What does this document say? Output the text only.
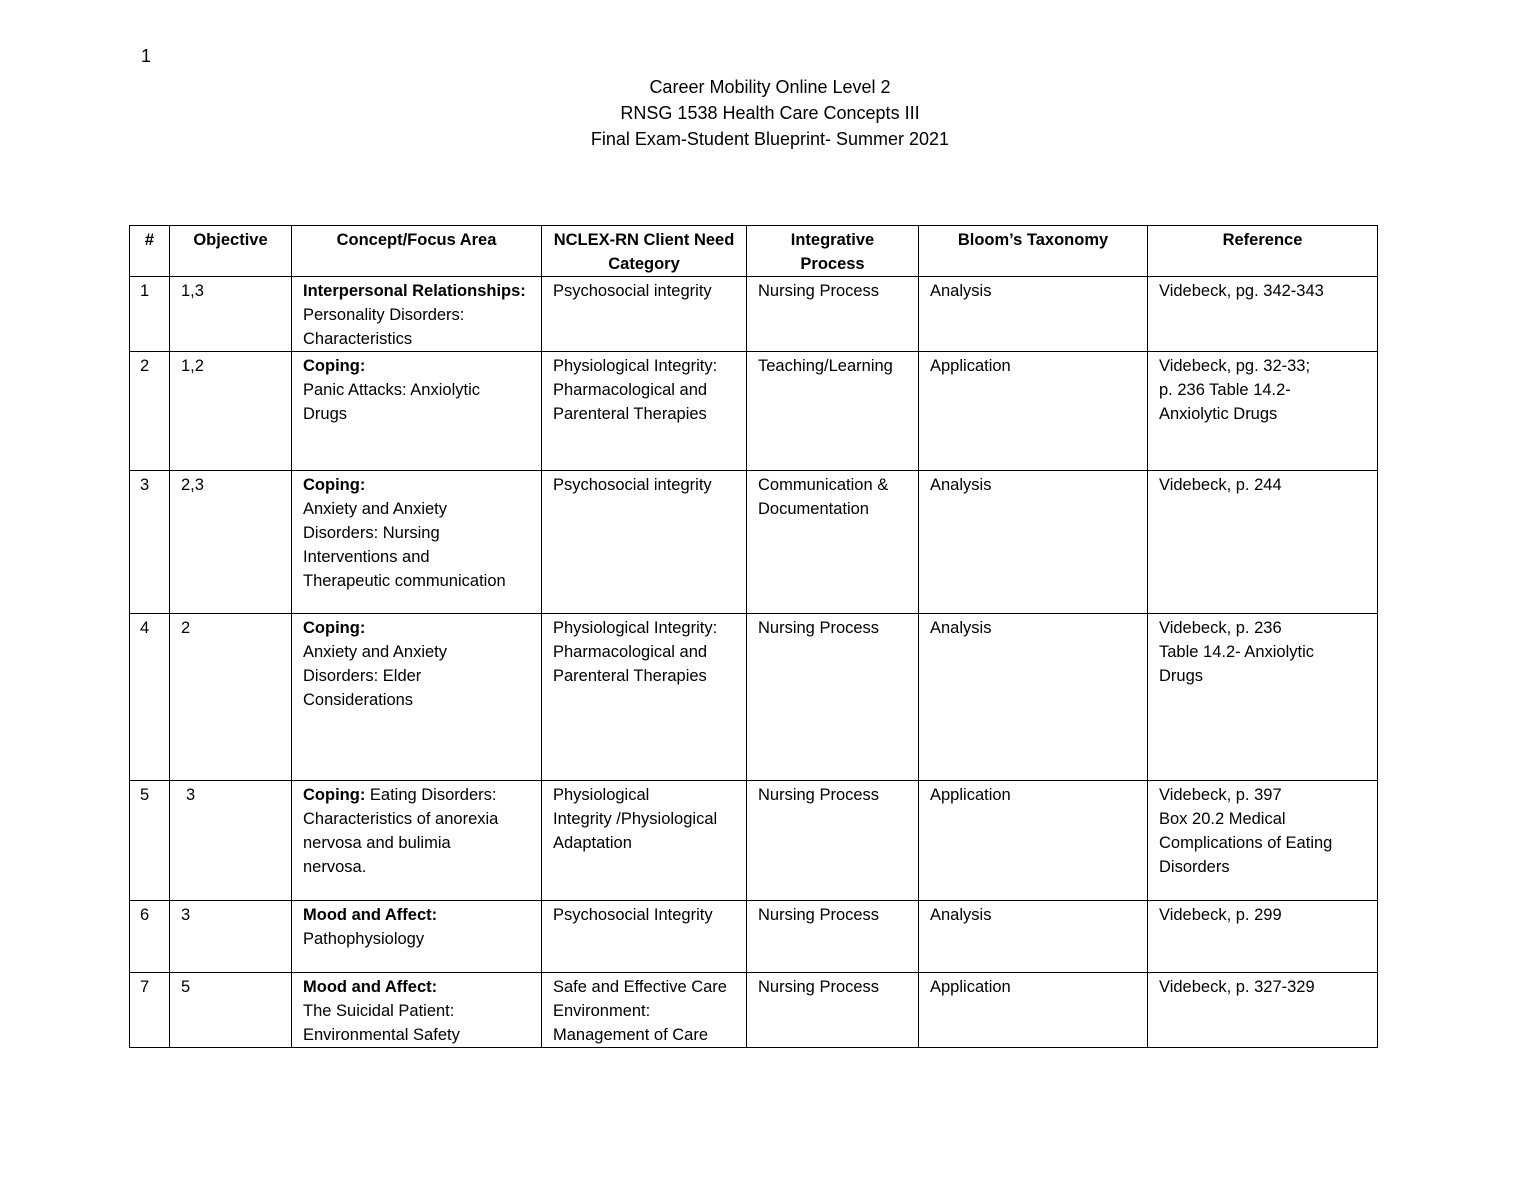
1
Career Mobility Online Level 2
RNSG 1538 Health Care Concepts III
Final Exam-Student Blueprint- Summer 2021
#	Objective	Concept/Focus Area	NCLEX-RN Client Need
Category	Integrative
Process	Bloom’s Taxonomy	Reference
1	1,3	Interpersonal Relationships:
Personality Disorders:
Characteristics	Psychosocial integrity	Nursing Process	Analysis	Videbeck, pg. 342-343

2	1,2	Coping:
Panic Attacks: Anxiolytic
Drugs	Physiological Integrity:
Pharmacological and
Parenteral Therapies	Teaching/Learning	Application	Videbeck, pg. 32-33;
p. 236 Table 14.2-
Anxiolytic Drugs

3	2,3	Coping:
Anxiety and Anxiety
Disorders: Nursing
Interventions and
Therapeutic communication	Psychosocial integrity	Communication &
Documentation	Analysis	Videbeck, p. 244

4	2	Coping:
Anxiety and Anxiety
Disorders: Elder
Considerations	Physiological Integrity:
Pharmacological and
Parenteral Therapies	Nursing Process	Analysis	Videbeck, p. 236
Table 14.2- Anxiolytic
Drugs

5	3	Coping: Eating Disorders:
Characteristics of anorexia
nervosa and bulimia
nervosa.	Physiological
Integrity /Physiological
Adaptation	Nursing Process	Application	Videbeck, p. 397
Box 20.2 Medical
Complications of Eating
Disorders

6	3	Mood and Affect:
Pathophysiology	Psychosocial Integrity	Nursing Process	Analysis	Videbeck, p. 299

7	5	Mood and Affect:
The Suicidal Patient:
Environmental Safety	Safe and Effective Care
Environment:
Management of Care	Nursing Process	Application	Videbeck, p. 327-329
